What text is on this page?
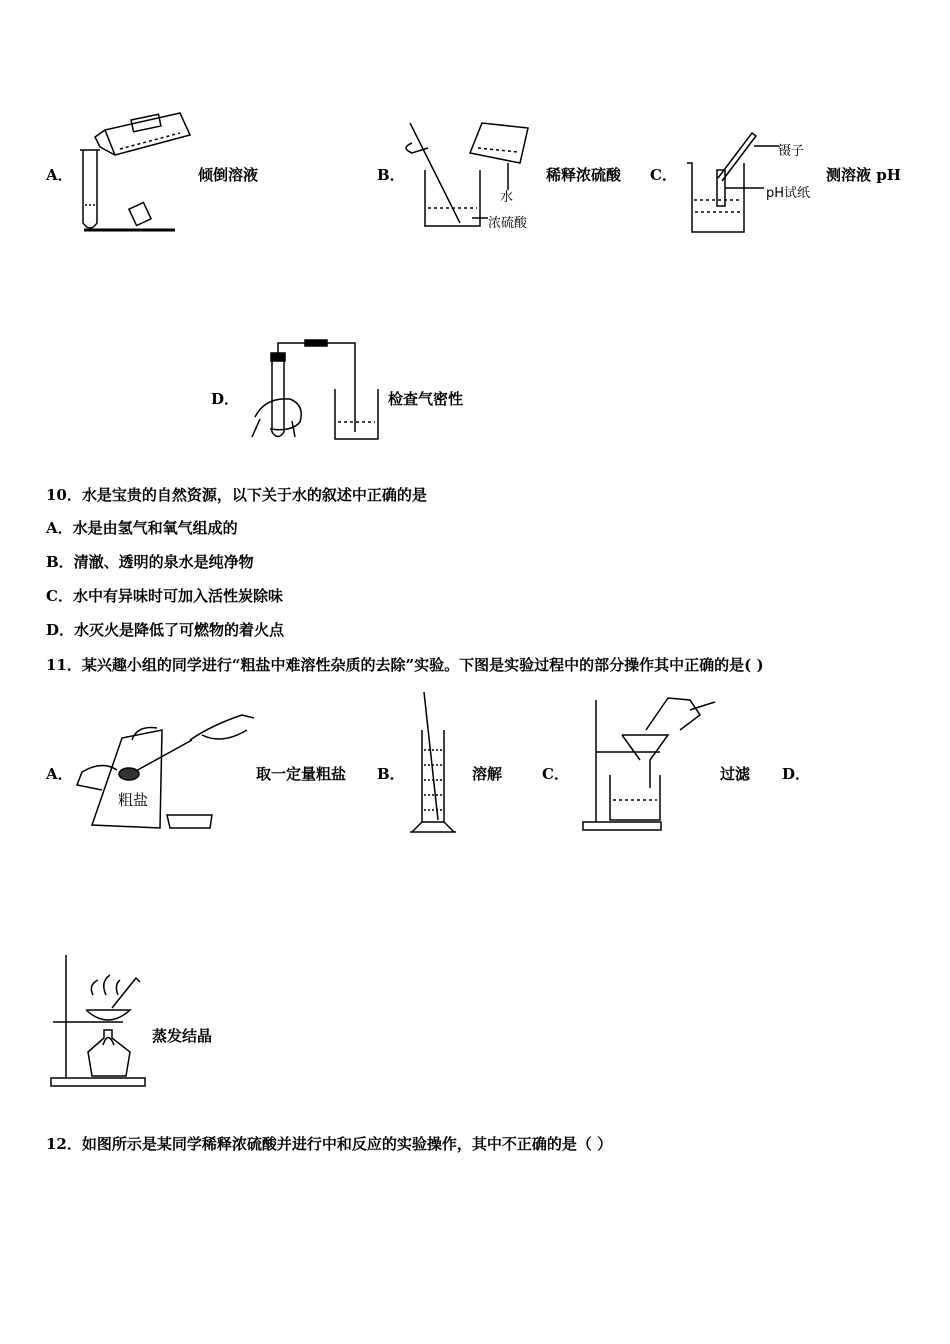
A．	倾倒溶液	B．
水
浓硫酸
稀释浓硫酸 C．
镊子
pH试纸
测溶液 pH
D．	检查气密性
10．水是宝贵的自然资源，以下关于水的叙述中正确的是
A．水是由氢气和氧气组成的
B．清澈、透明的泉水是纯净物
C．水中有异味时可加入活性炭除味
D．水灭火是降低了可燃物的着火点
11．某兴趣小组的同学进行“粗盐中难溶性杂质的去除”实验。下图是实验过程中的部分操作其中正确的是( )
A．
粗盐
取一定量粗盐 B．	溶解	C．	过滤 D．
蒸发结晶
12．如图所示是某同学稀释浓硫酸并进行中和反应的实验操作，其中不正确的是（ ）
